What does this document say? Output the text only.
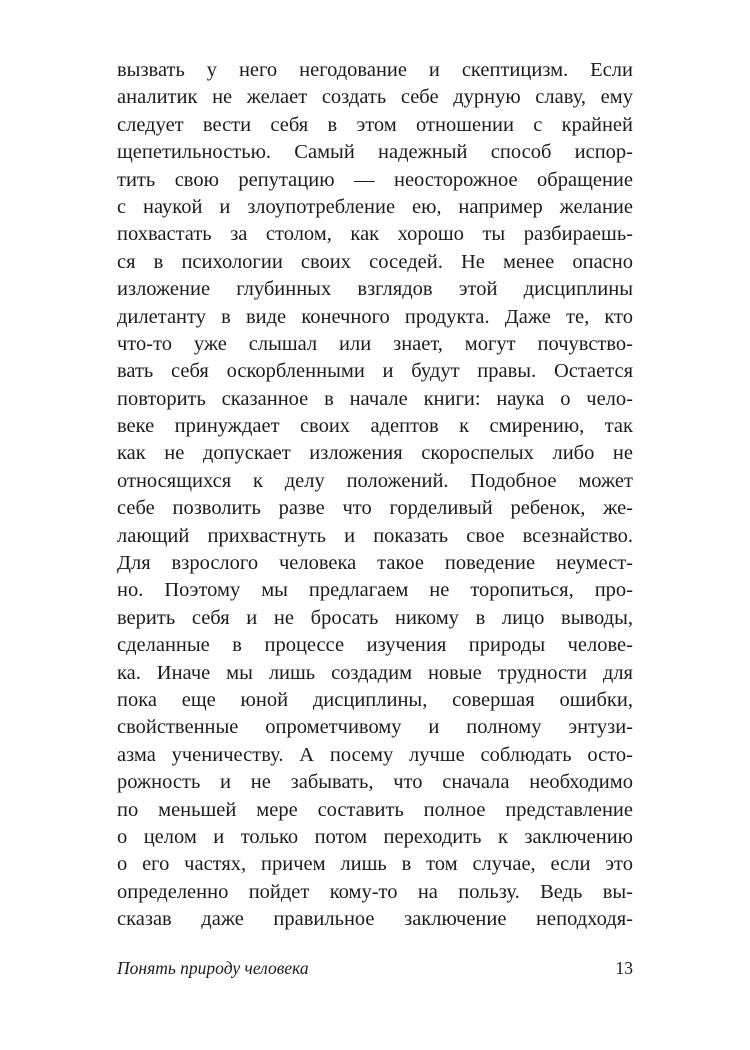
вызвать у него негодование и скептицизм. Если
аналитик не желает создать себе дурную славу, ему
следует вести себя в этом отношении с крайней
щепетильностью. Самый надежный способ испор-
тить свою репутацию — неосторожное обращение
с наукой и злоупотребление ею, например желание
похвастать за столом, как хорошо ты разбираешь-
ся в психологии своих соседей. Не менее опасно
изложение глубинных взглядов этой дисциплины
дилетанту в виде конечного продукта. Даже те, кто
что-то уже слышал или знает, могут почувство-
вать себя оскорбленными и будут правы. Остается
повторить сказанное в начале книги: наука о чело-
веке принуждает своих адептов к смирению, так
как не допускает изложения скороспелых либо не
относящихся к делу положений. Подобное может
себе позволить разве что горделивый ребенок, же-
лающий прихвастнуть и показать свое всезнайство.
Для взрослого человека такое поведение неумест-
но. Поэтому мы предлагаем не торопиться, про-
верить себя и не бросать никому в лицо выводы,
сделанные в процессе изучения природы челове-
ка. Иначе мы лишь создадим новые трудности для
пока еще юной дисциплины, совершая ошибки,
свойственные опрометчивому и полному энтузи-
азма ученичеству. А посему лучше соблюдать осто-
рожность и не забывать, что сначала необходимо
по меньшей мере составить полное представление
о целом и только потом переходить к заключению
о его частях, причем лишь в том случае, если это
определенно пойдет кому-то на пользу. Ведь вы-
сказав даже правильное заключение неподходя-
Понять природу человека	13
